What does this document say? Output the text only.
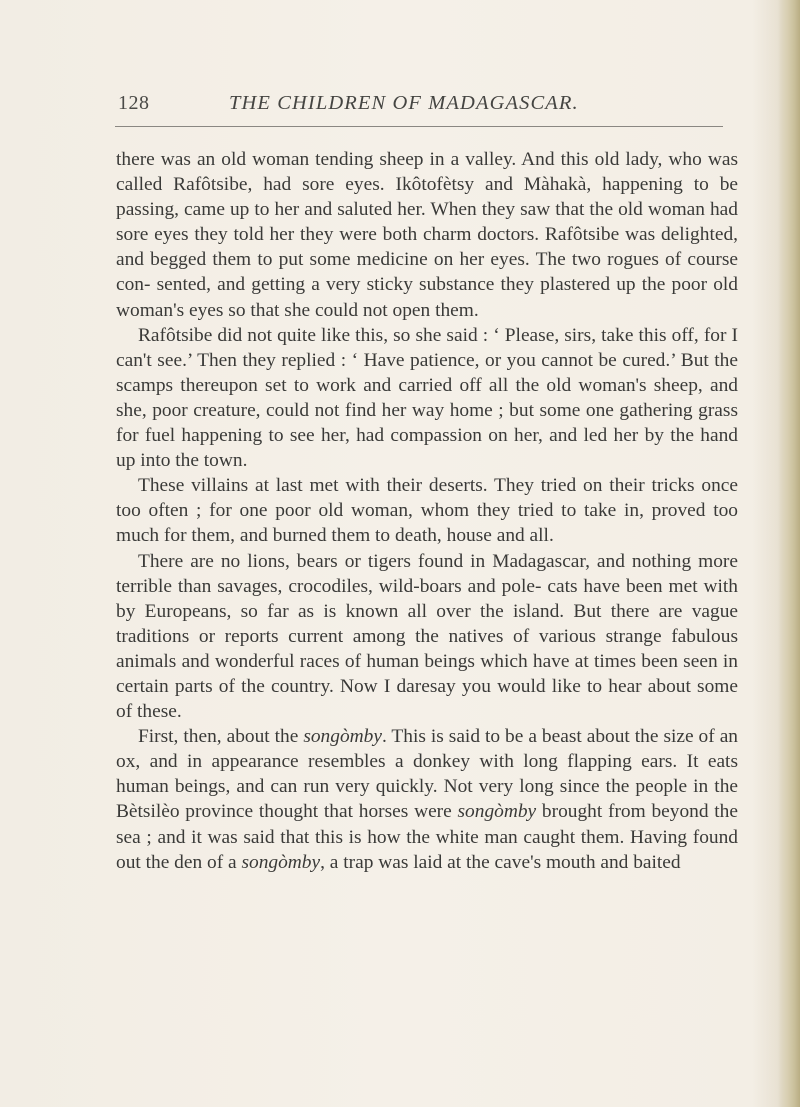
128	THE CHILDREN OF MADAGASCAR.

there was an old woman tending sheep in a valley. And this old lady, who was called Rafôtsibe, had sore eyes. Ikôtofètsy and Màhakà, happening to be passing, came up to her and saluted her. When they saw that the old woman had sore eyes they told her they were both charm doctors. Rafôtsibe was delighted, and begged them to put some medicine on her eyes. The two rogues of course con- sented, and getting a very sticky substance they plastered up the poor old woman's eyes so that she could not open them.

Rafôtsibe did not quite like this, so she said : ‘ Please, sirs, take this off, for I can't see.’ Then they replied : ‘ Have patience, or you cannot be cured.’ But the scamps thereupon set to work and carried off all the old woman's sheep, and she, poor creature, could not find her way home ; but some one gathering grass for fuel happening to see her, had compassion on her, and led her by the hand up into the town.

These villains at last met with their deserts. They tried on their tricks once too often ; for one poor old woman, whom they tried to take in, proved too much for them, and burned them to death, house and all.

There are no lions, bears or tigers found in Madagascar, and nothing more terrible than savages, crocodiles, wild-boars and pole- cats have been met with by Europeans, so far as is known all over the island. But there are vague traditions or reports current among the natives of various strange fabulous animals and wonderful races of human beings which have at times been seen in certain parts of the country. Now I daresay you would like to hear about some of these.

First, then, about the songòmby. This is said to be a beast about the size of an ox, and in appearance resembles a donkey with long flapping ears. It eats human beings, and can run very quickly. Not very long since the people in the Bètsilèo province thought that horses were songòmby brought from beyond the sea ; and it was said that this is how the white man caught them. Having found out the den of a songòmby, a trap was laid at the cave's mouth and baited
